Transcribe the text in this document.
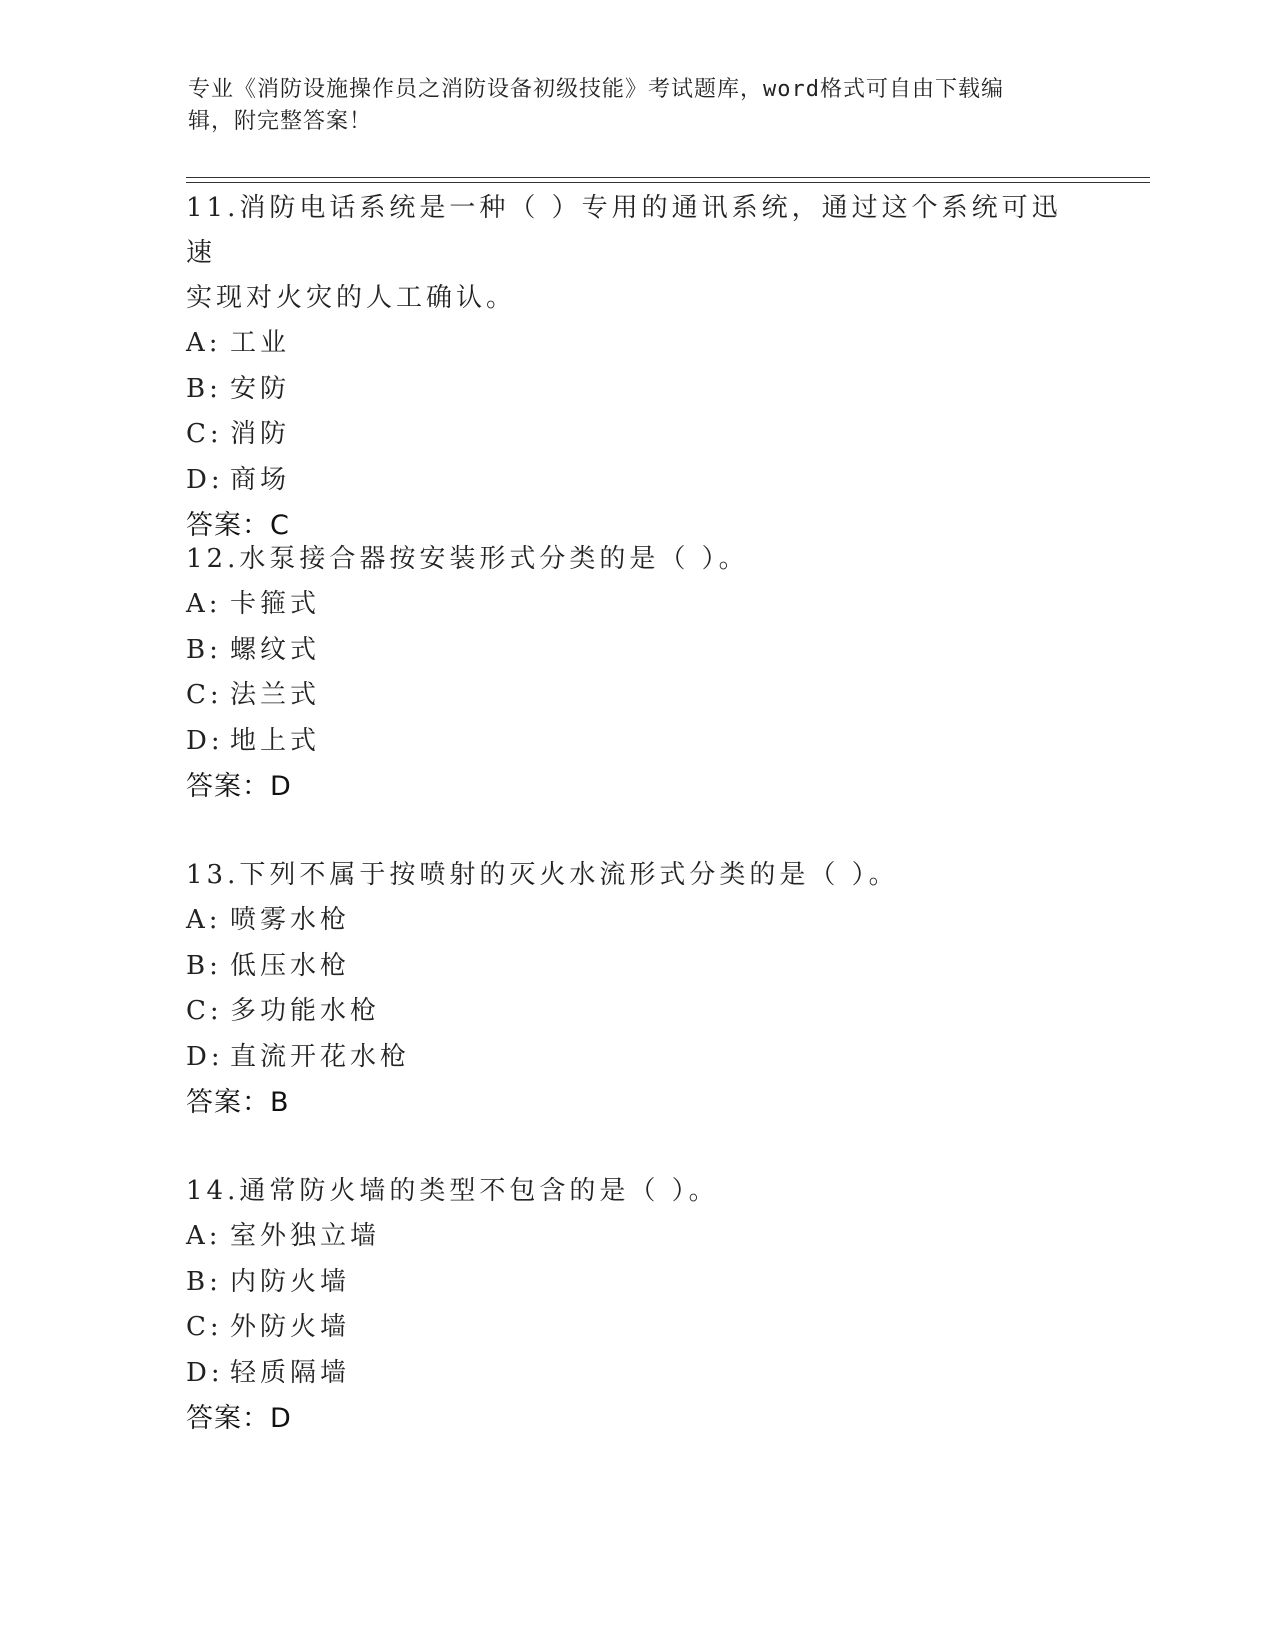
专业《消防设施操作员之消防设备初级技能》考试题库，word格式可自由下载编
辑，附完整答案！
11.消防电话系统是一种（ ）专用的通讯系统，通过这个系统可迅速
实现对火灾的人工确认。
A: 工业
B: 安防
C: 消防
D: 商场
答案：C
12.水泵接合器按安装形式分类的是（ ）。
A: 卡箍式
B: 螺纹式
C: 法兰式
D: 地上式
答案：D
13.下列不属于按喷射的灭火水流形式分类的是（ ）。
A: 喷雾水枪
B: 低压水枪
C: 多功能水枪
D: 直流开花水枪
答案：B
14.通常防火墙的类型不包含的是（ ）。
A: 室外独立墙
B: 内防火墙
C: 外防火墙
D: 轻质隔墙
答案：D
